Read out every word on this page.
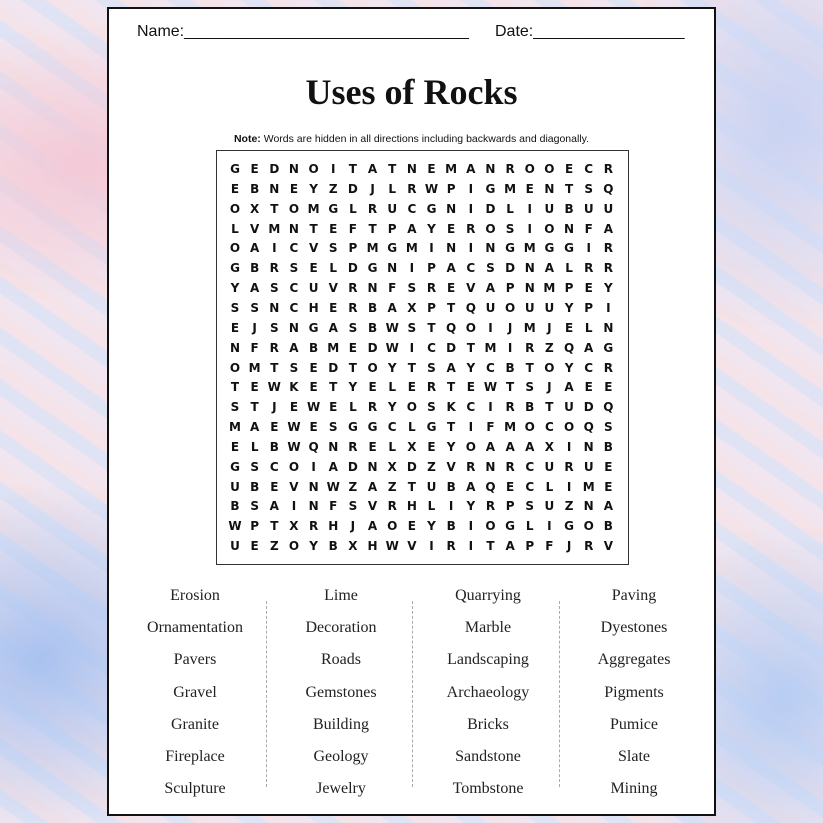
Name:________________________________ Date:_________________
Uses of Rocks
Note: Words are hidden in all directions including backwards and diagonally.
G E D N O	I	T A T N E M A N R O O E C R
E B N E Y Z D	J	L R W P	I	G M E N T S Q
O X T O M G L R U C G N	I	D L	I	U B U U
L V M N T E F T P A Y E R O S	I	O N F A
O A	I	C V S P M G M I	N	I	N G M G G	I	R
G B R S E L D G N	I	P A C S D N A L R R
Y A S C U V R N F S R E V A P N M P E Y
S S N C H E R B A X P T Q U O U U Y P	I
E	J	S N G A S B W S T Q O	I	J M J	E L N
N F R A B M E D W I	C D T M I	R Z Q A G
O M T S E D T O Y T S A Y C B T O Y C R
T E W K E T Y E L E R T E W T S	J	A E E
S T	J	E W E L R Y O S K C	I	R B T U D Q
M A E W E S G G C L G T	I	F M O C O Q S
E L B W Q N R E L X E Y O A A A X	I	N B
G S C O	I	A D N X D Z V R N R C U R U E
U B E V N W Z A Z T U B A Q E C L	I M E
B S A	I	N F S V R H L	I	Y R P S U Z N A
W P T X R H	J	A O E Y B	I	O G L	I	G O B
U E Z O Y B X H W V	I	R	I	T A P F	J	R V
Erosion
Ornamentation
Pavers
Gravel
Granite
Fireplace
Sculpture
Lime
Decoration
Roads
Gemstones
Building
Geology
Jewelry
Quarrying
Marble
Landscaping
Archaeology
Bricks
Sandstone
Tombstone
Paving
Dyestones
Aggregates
Pigments
Pumice
Slate
Mining
